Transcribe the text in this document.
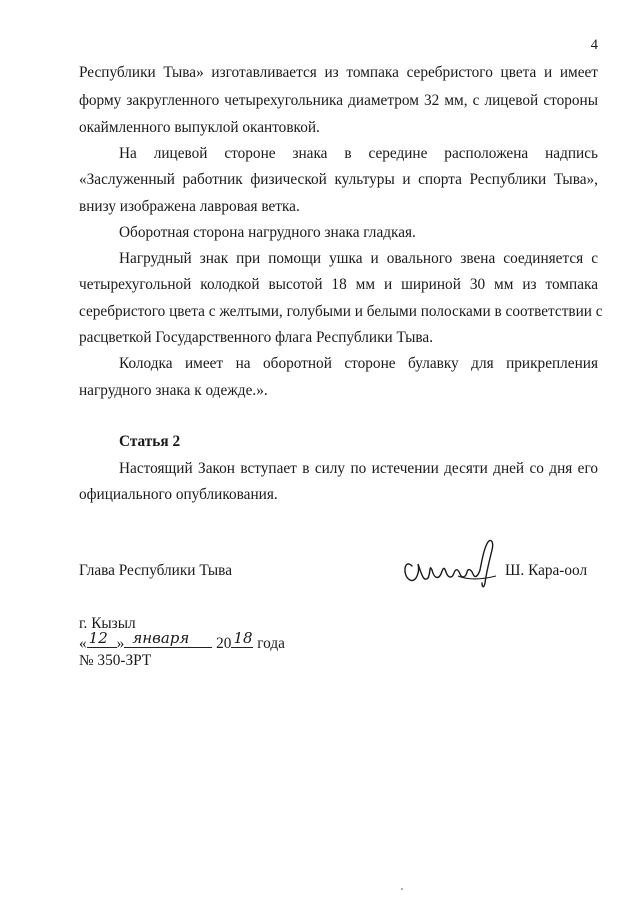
4
Республики Тыва» изготавливается из томпака серебристого цвета и имеет
форму закругленного четырехугольника диаметром 32 мм, с лицевой стороны
окаймленного выпуклой окантовкой.
На лицевой стороне знака в середине расположена надпись
«Заслуженный работник физической культуры и спорта Республики Тыва»,
внизу изображена лавровая ветка.
Оборотная сторона нагрудного знака гладкая.
Нагрудный знак при помощи ушка и овального звена соединяется с
четырехугольной колодкой высотой 18 мм и шириной 30 мм из томпака
серебристого цвета с желтыми, голубыми и белыми полосками в соответствии с
расцветкой Государственного флага Республики Тыва.
Колодка имеет на оборотной стороне булавку для прикрепления
нагрудного знака к одежде.».
Статья 2
Настоящий Закон вступает в силу по истечении десяти дней со дня его
официального опубликования.
Глава Республики Тыва	Ш. Кара-оол
г. Кызыл
« 12 » января 20 18 года
№ 350-ЗРТ
